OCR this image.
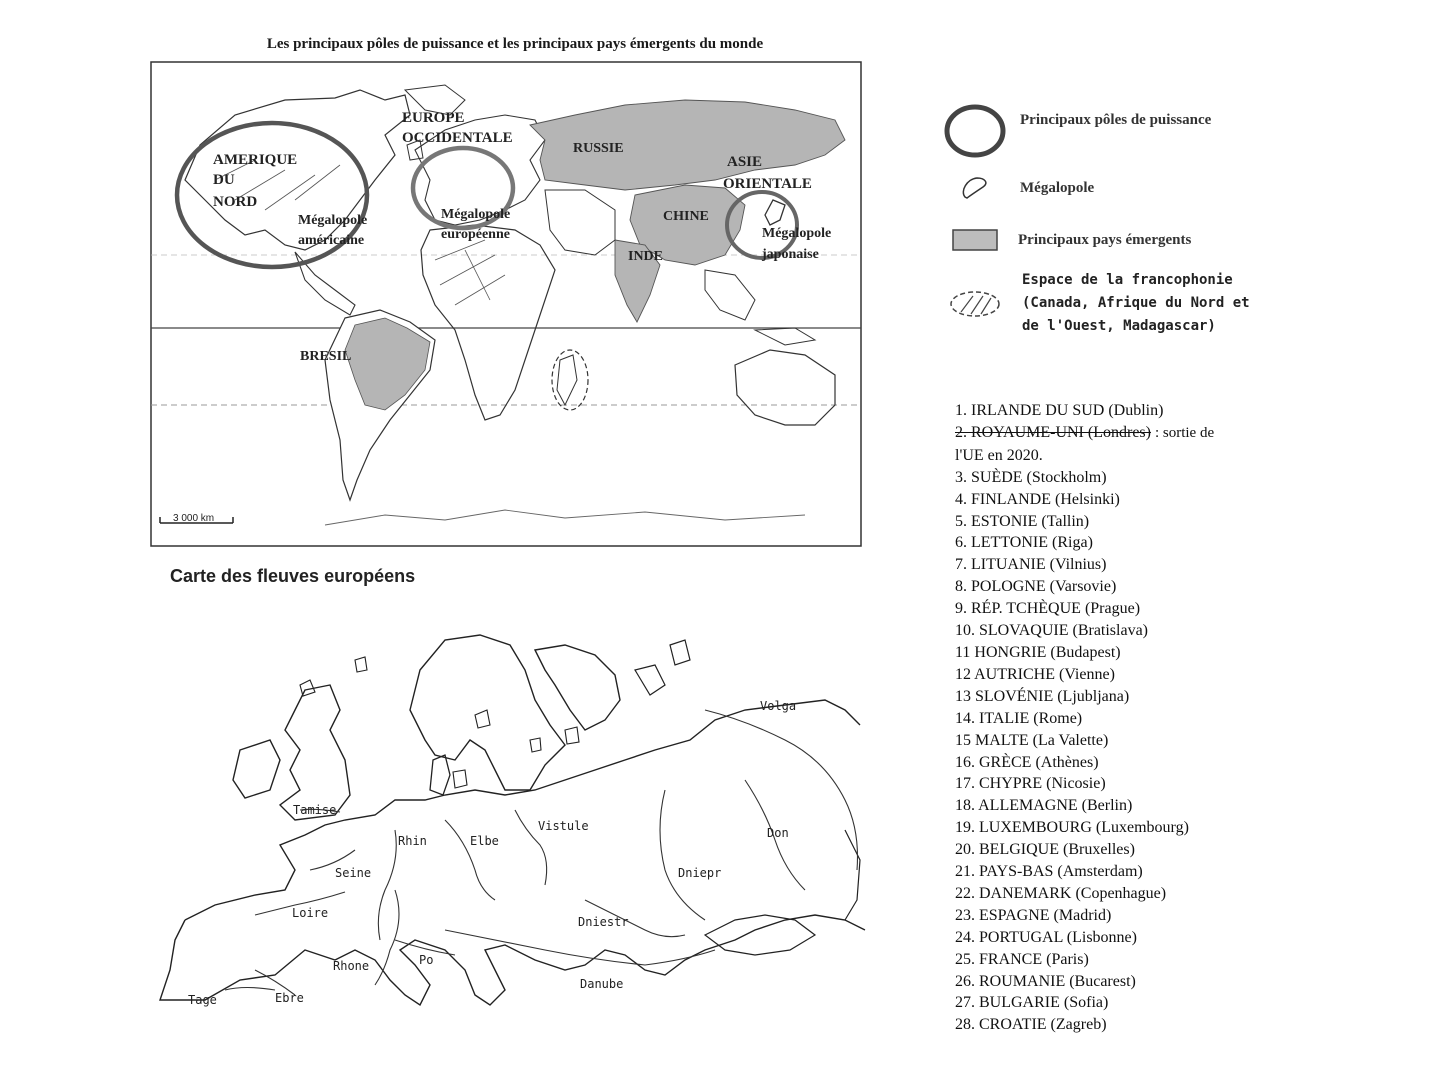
Les principaux pôles de puissance et les principaux pays émergents du monde
AMERIQUE DU NORD
Mégalopole américaine
EUROPE OCCIDENTALE
Mégalopole européenne
RUSSIE
ASIE ORIENTALE
CHINE
INDE
Mégalopole japonaise
BRESIL
3 000 km
Principaux pôles de puissance
Mégalopole
Principaux pays émergents
Espace de la francophonie
(Canada, Afrique du Nord et
de l'Ouest, Madagascar)
1. IRLANDE DU SUD (Dublin)
2. ROYAUME-UNI (Londres) : sortie de
l'UE en 2020.
3. SUÈDE (Stockholm)
4. FINLANDE (Helsinki)
5. ESTONIE (Tallin)
6. LETTONIE (Riga)
7. LITUANIE (Vilnius)
8. POLOGNE (Varsovie)
9. RÉP. TCHÈQUE (Prague)
10. SLOVAQUIE (Bratislava)
11 HONGRIE (Budapest)
12 AUTRICHE (Vienne)
13 SLOVÉNIE (Ljubljana)
14. ITALIE (Rome)
15 MALTE (La Valette)
16. GRÈCE (Athènes)
17. CHYPRE (Nicosie)
18. ALLEMAGNE (Berlin)
19. LUXEMBOURG (Luxembourg)
20. BELGIQUE (Bruxelles)
21. PAYS-BAS (Amsterdam)
22. DANEMARK (Copenhague)
23. ESPAGNE (Madrid)
24. PORTUGAL (Lisbonne)
25. FRANCE (Paris)
26. ROUMANIE (Bucarest)
27. BULGARIE (Sofia)
28. CROATIE (Zagreb)
Carte des fleuves européens
Tamise
Rhin	Elbe
Vistule
Seine
Loire
Rhone	Po
Tage	Ebre
Danube
Dniestr
Dniepr
Don
Volga
